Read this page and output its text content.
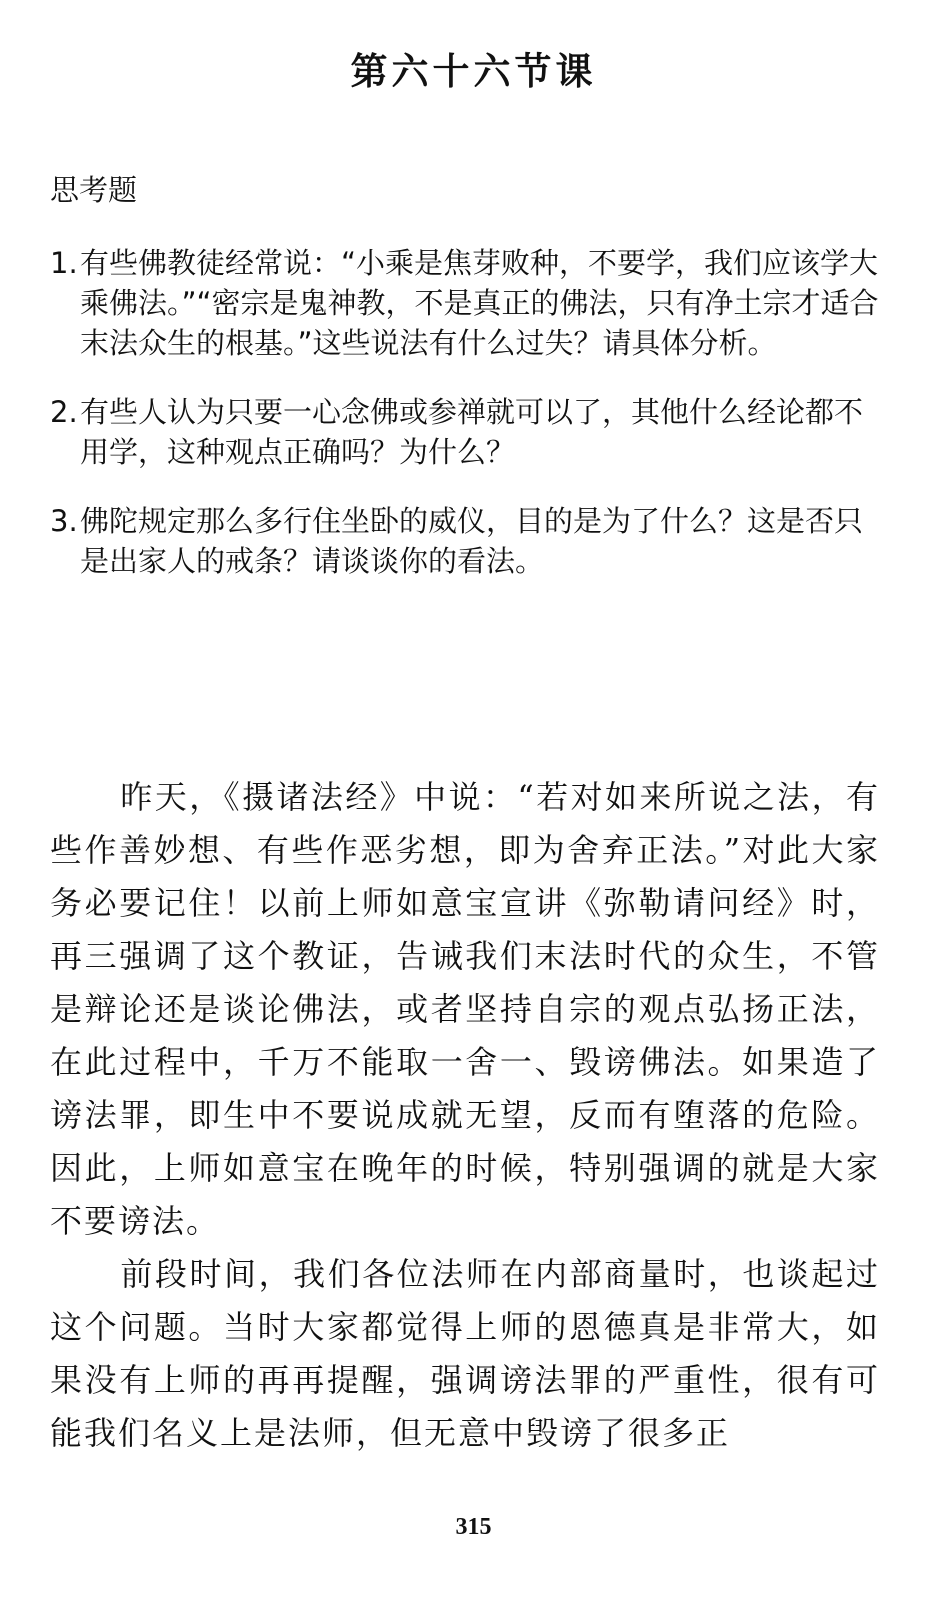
第六十六节课
思考题
1. 有些佛教徒经常说：“小乘是焦芽败种，不要学，我们应该学大乘佛法。”“密宗是鬼神教，不是真正的佛法，只有净土宗才适合末法众生的根基。”这些说法有什么过失？请具体分析。
2. 有些人认为只要一心念佛或参禅就可以了，其他什么经论都不用学，这种观点正确吗？为什么？
3. 佛陀规定那么多行住坐卧的威仪，目的是为了什么？这是否只是出家人的戒条？请谈谈你的看法。

昨天，《摄诸法经》中说：“若对如来所说之法，有些作善妙想、有些作恶劣想，即为舍弃正法。”对此大家务必要记住！以前上师如意宝宣讲《弥勒请问经》时，再三强调了这个教证，告诫我们末法时代的众生，不管是辩论还是谈论佛法，或者坚持自宗的观点弘扬正法，在此过程中，千万不能取一舍一、毁谤佛法。如果造了谤法罪，即生中不要说成就无望，反而有堕落的危险。因此，上师如意宝在晚年的时候，特别强调的就是大家不要谤法。

前段时间，我们各位法师在内部商量时，也谈起过这个问题。当时大家都觉得上师的恩德真是非常大，如果没有上师的再再提醒，强调谤法罪的严重性，很有可能我们名义上是法师，但无意中毁谤了很多正

315
